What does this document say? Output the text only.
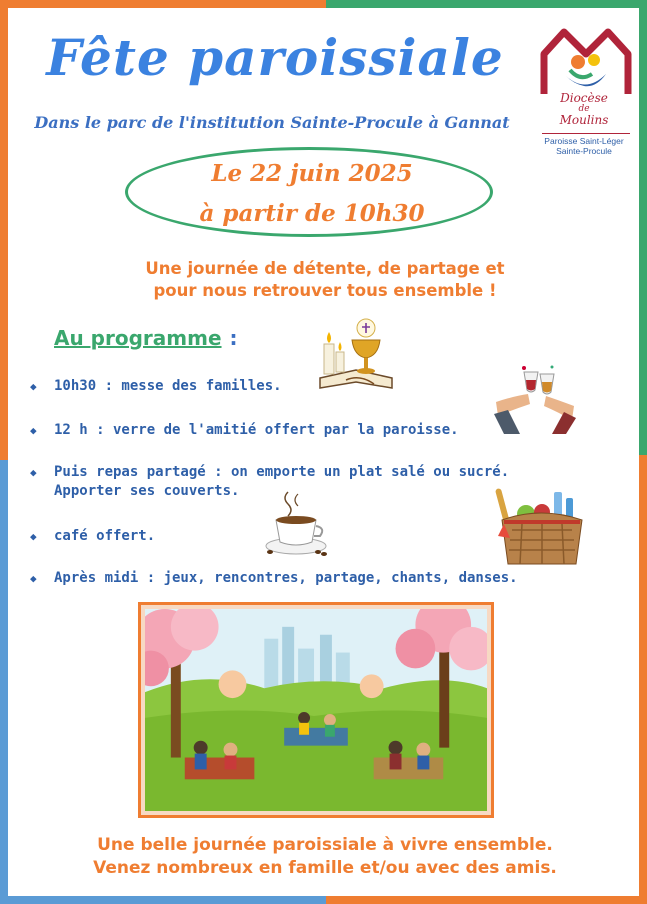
Fête paroissiale
Dans le parc de l'institution Sainte-Procule à Gannat
Diocèse
de
Moulins
Paroisse Saint-Léger
Sainte-Procule
Le 22 juin 2025
à partir de 10h30
Une journée de détente, de partage et
pour nous retrouver tous ensemble !
Au programme :
◆ 10h30 : messe des familles.
◆ 12 h : verre de l'amitié offert par la paroisse.
◆ Puis repas partagé : on emporte un plat salé ou sucré.
Apporter ses couverts.
◆ café offert.
◆ Après midi : jeux, rencontres, partage, chants, danses.
Une belle journée paroissiale à vivre ensemble.
Venez nombreux en famille et/ou avec des amis.
